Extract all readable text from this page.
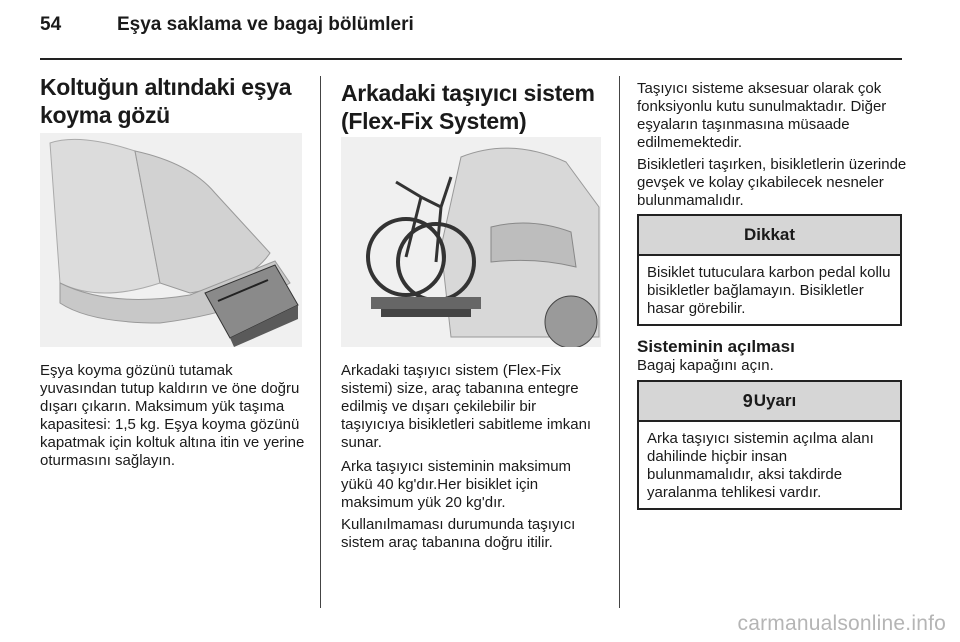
54	Eşya saklama ve bagaj bölümleri
Koltuğun altındaki eşya koyma gözü

Eşya koyma gözünü tutamak yuvasından tutup kaldırın ve öne doğru dışarı çıkarın. Maksimum yük taşıma kapasitesi: 1,5 kg. Eşya koyma gözünü kapatmak için koltuk altına itin ve yerine oturmasını sağlayın.

Arkadaki taşıyıcı sistem (Flex-Fix System)

Arkadaki taşıyıcı sistem (Flex-Fix sistemi) size, araç tabanına entegre edilmiş ve dışarı çekilebilir bir taşıyıcıya bisikletleri sabitleme imkanı sunar.

Arka taşıyıcı sisteminin maksimum yükü 40 kg'dır.Her bisiklet için maksimum yük 20 kg'dır.

Kullanılmaması durumunda taşıyıcı sistem araç tabanına doğru itilir.

Taşıyıcı sisteme aksesuar olarak çok fonksiyonlu kutu sunulmaktadır. Diğer eşyaların taşınmasına müsaade edilmemektedir.

Bisikletleri taşırken, bisikletlerin üzerinde gevşek ve kolay çıkabilecek nesneler bulunmamalıdır.

Dikkat
Bisiklet tutuculara karbon pedal kollu bisikletler bağlamayın. Bisikletler hasar görebilir.
Sisteminin açılması

Bagaj kapağını açın.

9Uyarı
Arka taşıyıcı sistemin açılma alanı dahilinde hiçbir insan bulunmamalıdır, aksi takdirde yaralanma tehlikesi vardır.
carmanualsonline.info
